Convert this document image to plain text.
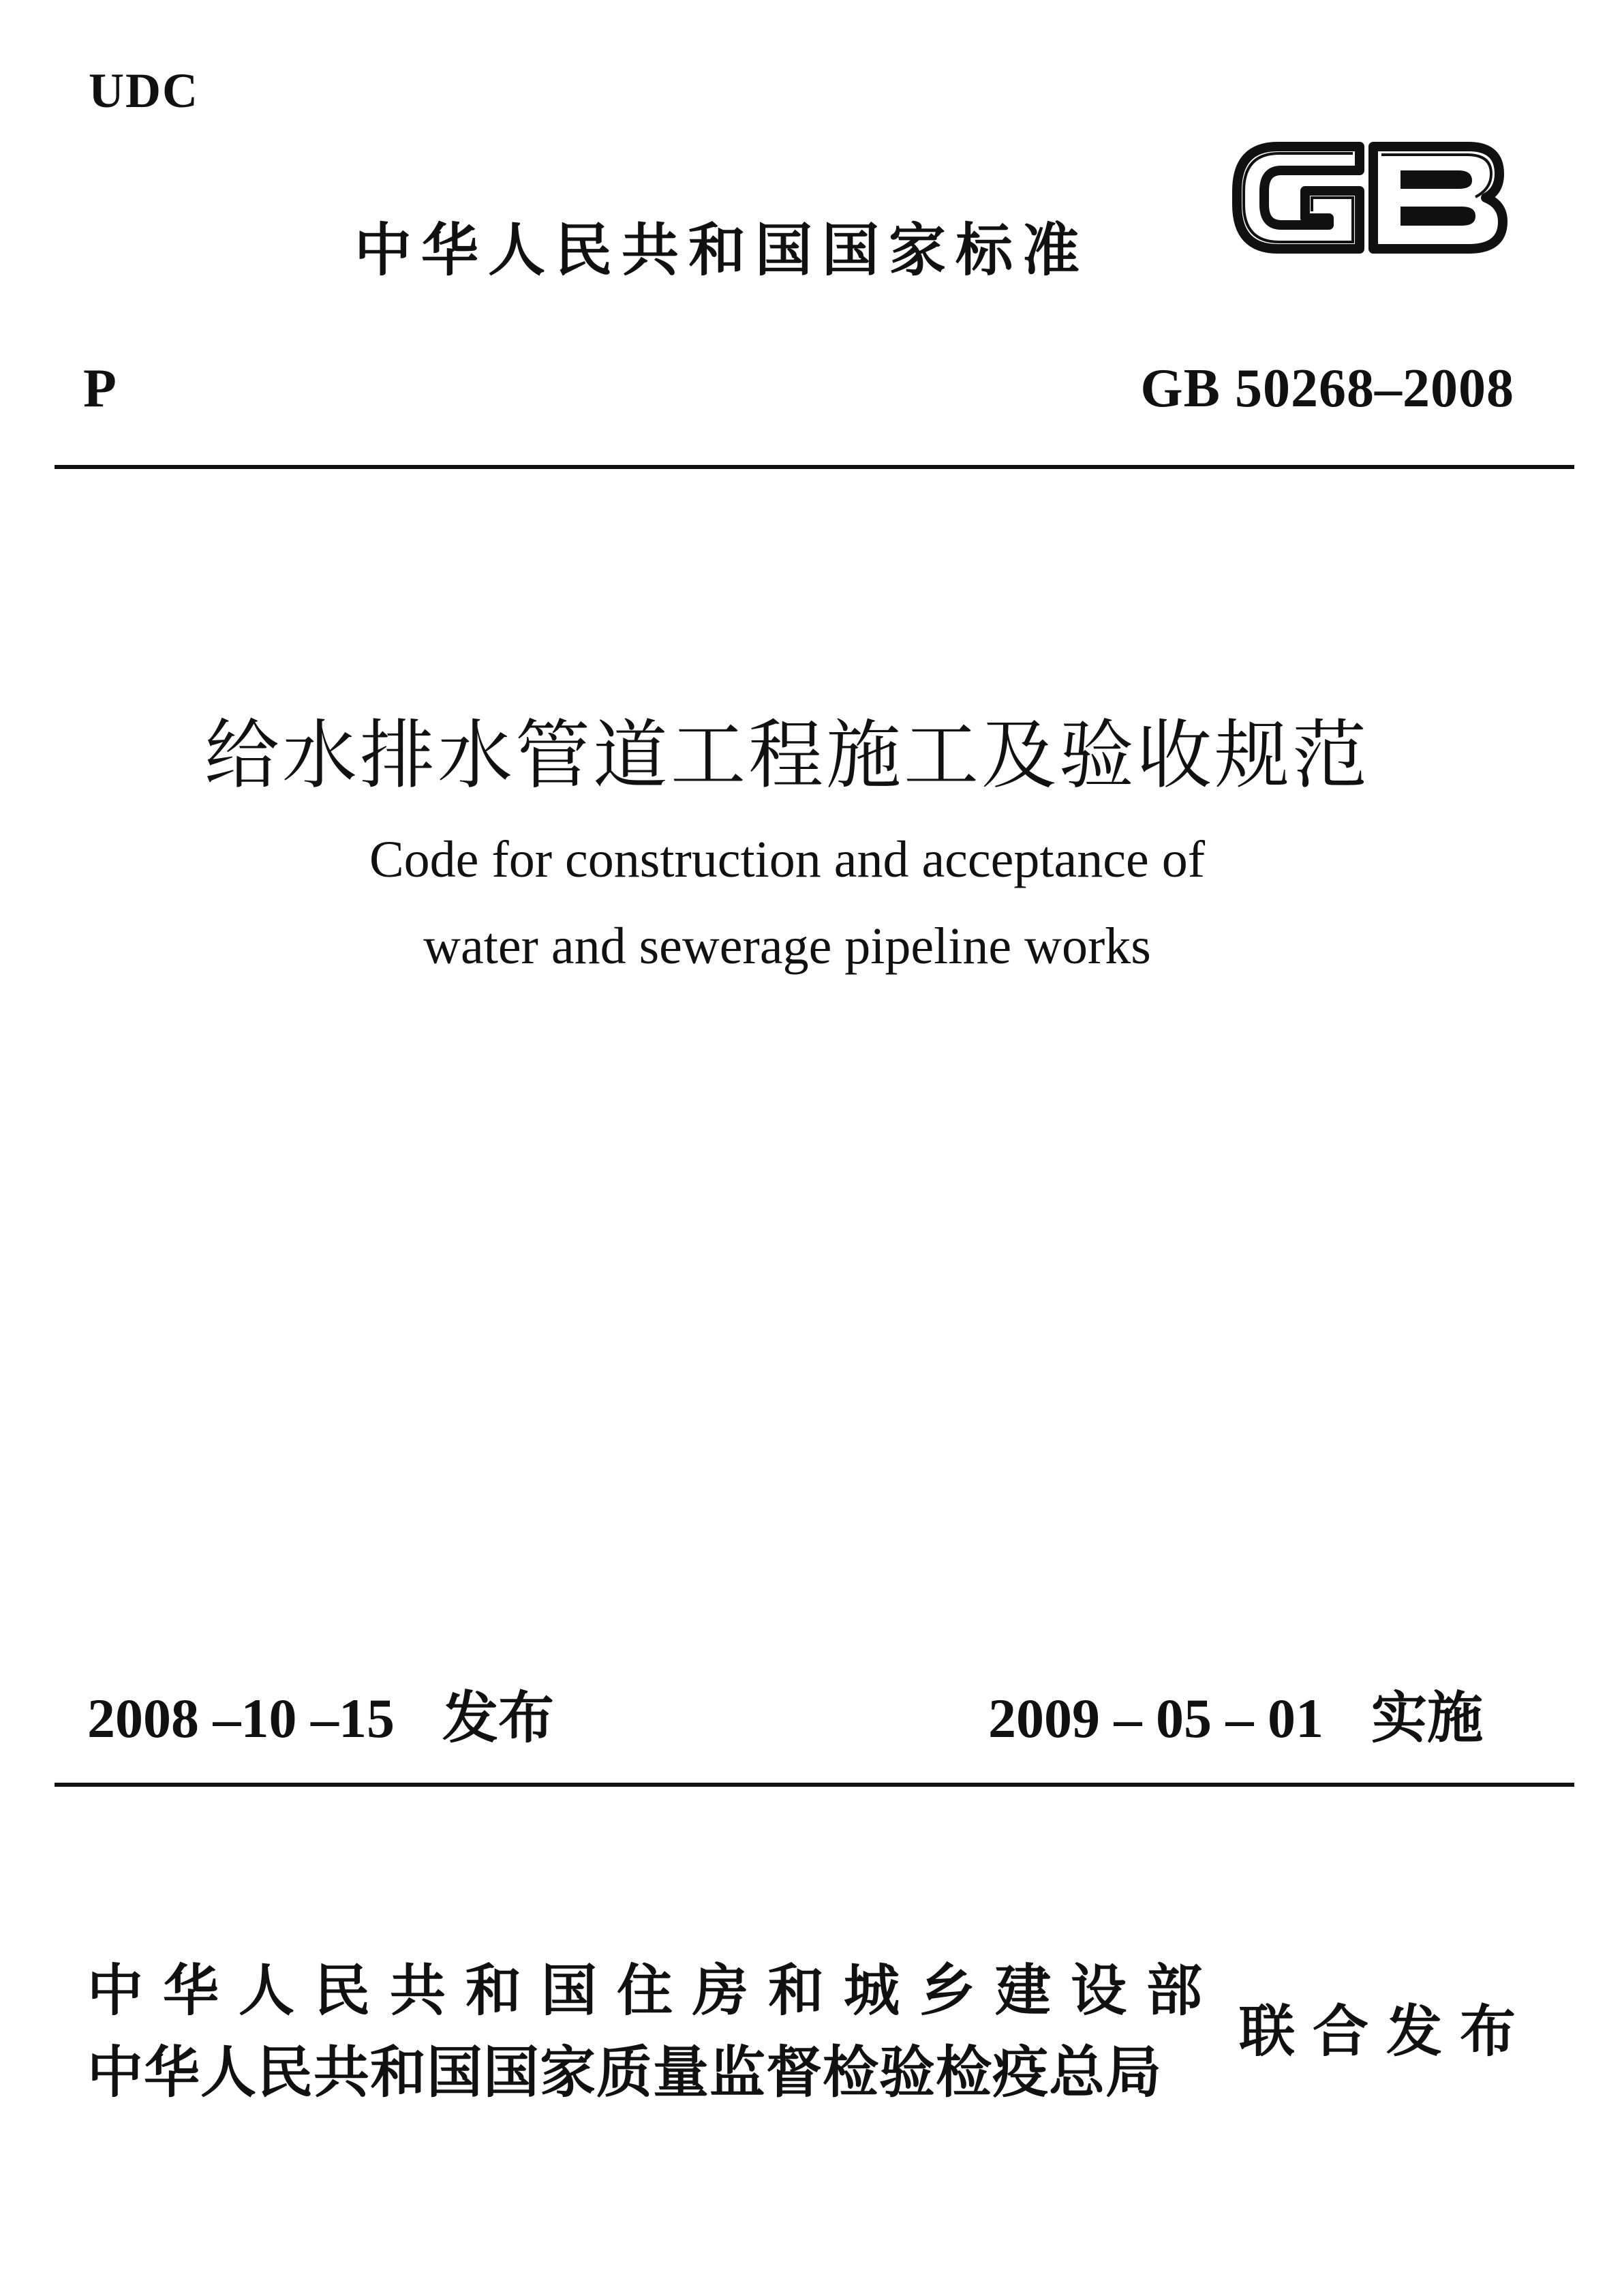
UDC
中华人民共和国国家标准
P	GB 50268–2008
给水排水管道工程施工及验收规范
Code for construction and acceptance of
water and sewerage pipeline works
2008 –10 –15 发布	2009 – 05 – 01 实施
中华人民共和国住房和城乡建设部
中华人民共和国国家质量监督检验检疫总局
联合发布
